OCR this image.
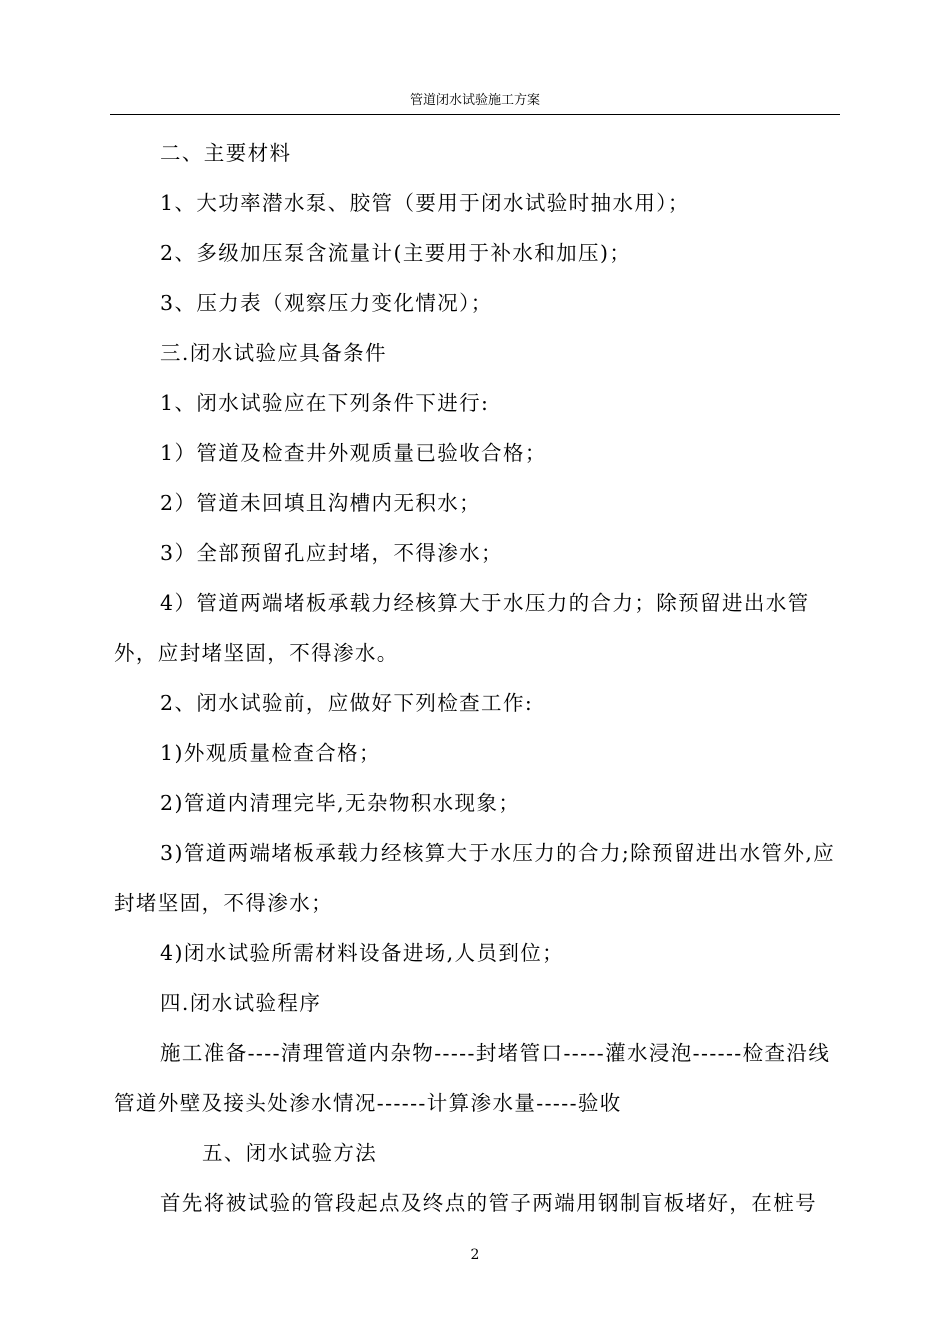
管道闭水试验施工方案

二、主要材料

1、大功率潜水泵、胶管（要用于闭水试验时抽水用）；

2、多级加压泵含流量计(主要用于补水和加压)；

3、压力表（观察压力变化情况）；

三.闭水试验应具备条件

1、闭水试验应在下列条件下进行:

1）管道及检查井外观质量已验收合格；

2）管道未回填且沟槽内无积水；

3）全部预留孔应封堵，不得渗水；

4）管道两端堵板承载力经核算大于水压力的合力；除预留进出水管外，应封堵坚固，不得渗水。

2、闭水试验前，应做好下列检查工作:

1)外观质量检查合格；

2)管道内清理完毕,无杂物积水现象；

3)管道两端堵板承载力经核算大于水压力的合力;除预留进出水管外,应封堵坚固，不得渗水；

4)闭水试验所需材料设备进场,人员到位；

四.闭水试验程序

施工准备----清理管道内杂物-----封堵管口-----灌水浸泡------检查沿线管道外壁及接头处渗水情况------计算渗水量-----验收

五、闭水试验方法

首先将被试验的管段起点及终点的管子两端用钢制盲板堵好，在桩号

2
